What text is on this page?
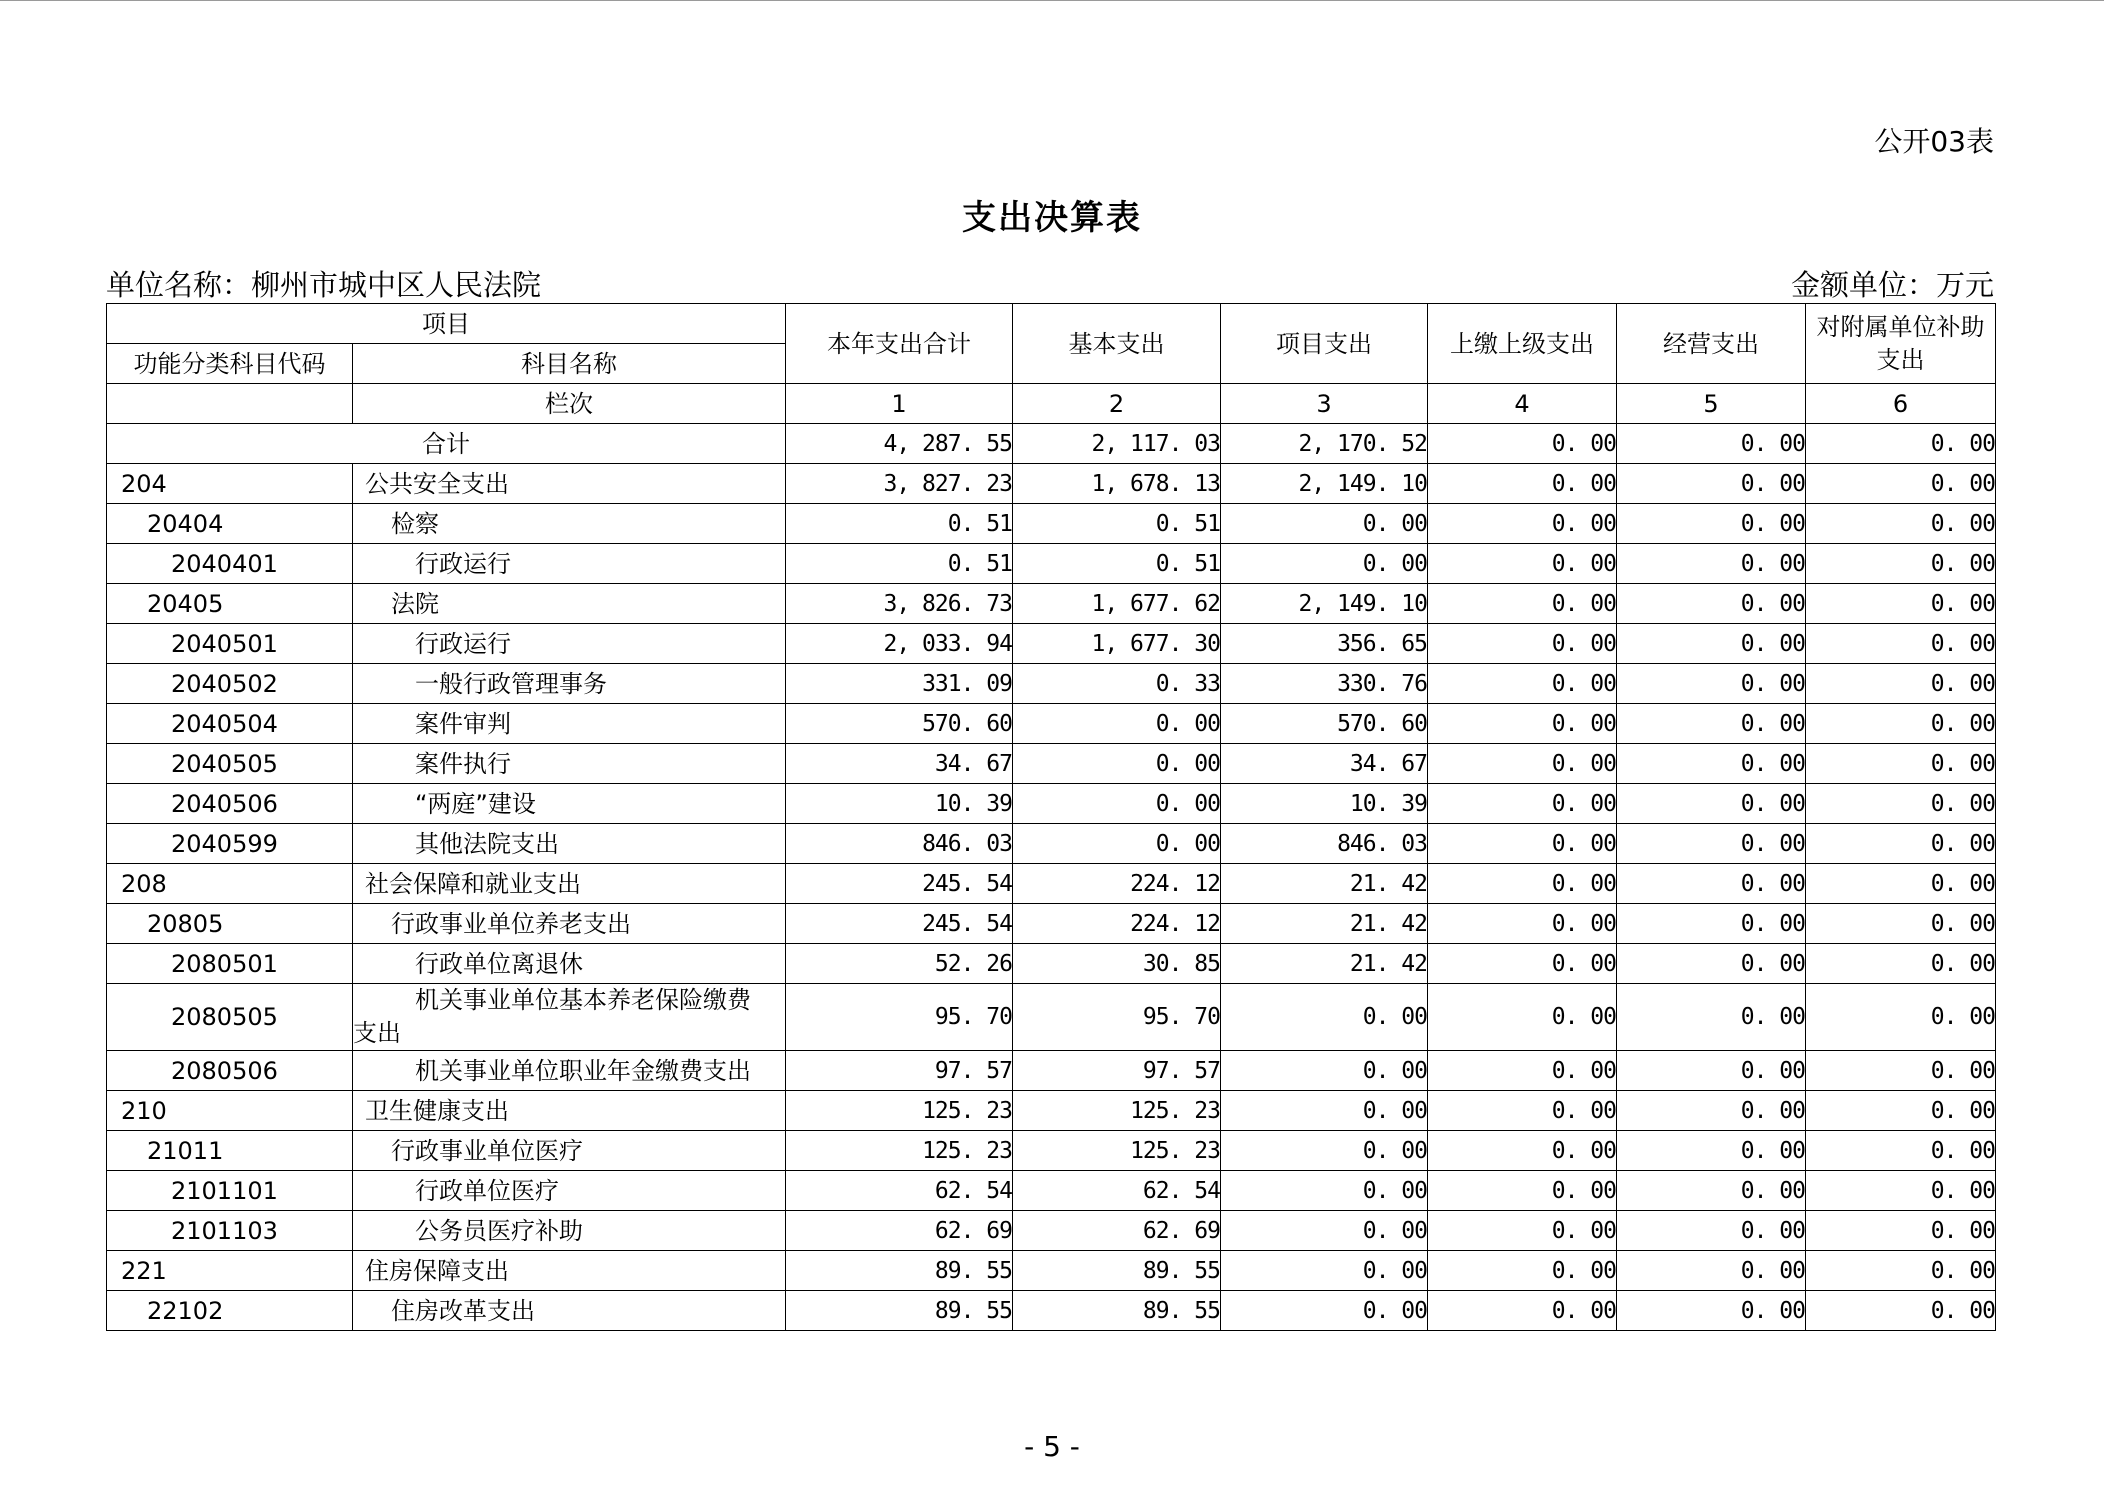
公开03表
支出决算表
单位名称：柳州市城中区人民法院	金额单位：万元
项目		本年支出合计	基本支出	项目支出	上缴上级支出	经营支出	对附属单位补助支出
功能分类科目代码	科目名称						
	栏次	1	2	3	4	5	6
合计		4, 287. 55	2, 117. 03	2, 170. 52	0. 00	0. 00	0. 00
204	公共安全支出	3, 827. 23	1, 678. 13	2, 149. 10	0. 00	0. 00	0. 00
20404	检察	0. 51	0. 51	0. 00	0. 00	0. 00	0. 00
2040401	行政运行	0. 51	0. 51	0. 00	0. 00	0. 00	0. 00
20405	法院	3, 826. 73	1, 677. 62	2, 149. 10	0. 00	0. 00	0. 00
2040501	行政运行	2, 033. 94	1, 677. 30	356. 65	0. 00	0. 00	0. 00
2040502	一般行政管理事务	331. 09	0. 33	330. 76	0. 00	0. 00	0. 00
2040504	案件审判	570. 60	0. 00	570. 60	0. 00	0. 00	0. 00
2040505	案件执行	34. 67	0. 00	34. 67	0. 00	0. 00	0. 00
2040506	“两庭”建设	10. 39	0. 00	10. 39	0. 00	0. 00	0. 00
2040599	其他法院支出	846. 03	0. 00	846. 03	0. 00	0. 00	0. 00
208	社会保障和就业支出	245. 54	224. 12	21. 42	0. 00	0. 00	0. 00
20805	行政事业单位养老支出	245. 54	224. 12	21. 42	0. 00	0. 00	0. 00
2080501	行政单位离退休	52. 26	30. 85	21. 42	0. 00	0. 00	0. 00
2080505	机关事业单位基本养老保险缴费
支出	95. 70	95. 70	0. 00	0. 00	0. 00	0. 00
2080506	机关事业单位职业年金缴费支出	97. 57	97. 57	0. 00	0. 00	0. 00	0. 00
210	卫生健康支出	125. 23	125. 23	0. 00	0. 00	0. 00	0. 00
21011	行政事业单位医疗	125. 23	125. 23	0. 00	0. 00	0. 00	0. 00
2101101	行政单位医疗	62. 54	62. 54	0. 00	0. 00	0. 00	0. 00
2101103	公务员医疗补助	62. 69	62. 69	0. 00	0. 00	0. 00	0. 00
221	住房保障支出	89. 55	89. 55	0. 00	0. 00	0. 00	0. 00
22102	住房改革支出	89. 55	89. 55	0. 00	0. 00	0. 00	0. 00
- 5 -
